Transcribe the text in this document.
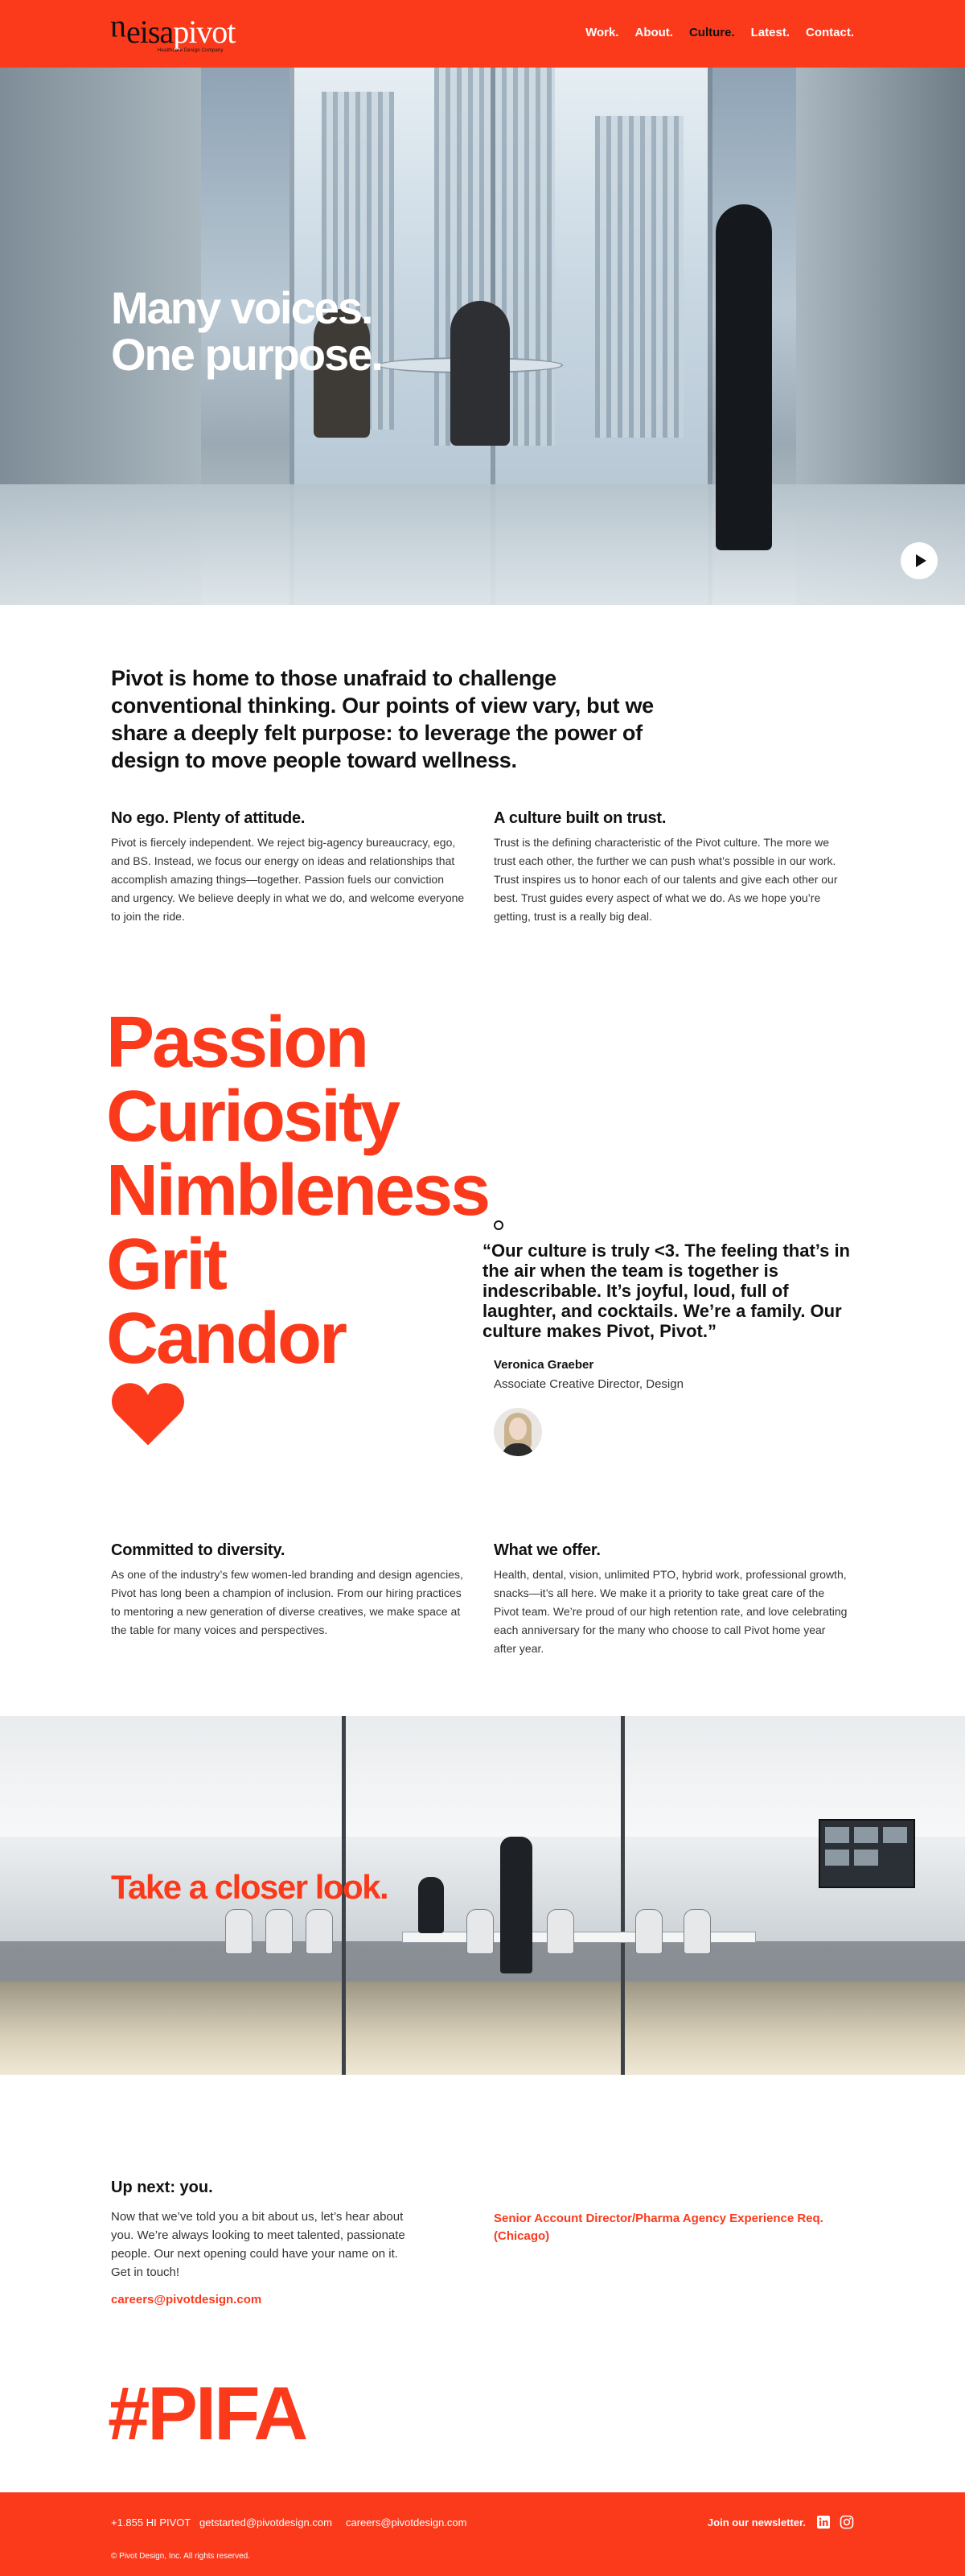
ueisapivot
Healthcare Design Company
Work. About. Culture. Latest. Contact.
Many voices.
One purpose.

Pivot is home to those unafraid to challenge conventional thinking. Our points of view vary, but we share a deeply felt purpose: to leverage the power of design to move people toward wellness.

No ego. Plenty of attitude.

Pivot is fiercely independent. We reject big-agency bureaucracy, ego, and BS. Instead, we focus our energy on ideas and relationships that accomplish amazing things—together. Passion fuels our conviction and urgency. We believe deeply in what we do, and welcome everyone to join the ride.

A culture built on trust.

Trust is the defining characteristic of the Pivot culture. The more we trust each other, the further we can push what’s possible in our work. Trust inspires us to honor each of our talents and give each other our best. Trust guides every aspect of what we do. As we hope you’re getting, trust is a really big deal.

Passion
Curiosity
Nimbleness
Grit
Candor
“Our culture is truly <3. The feeling that’s in the air when the team is together is indescribable. It’s joyful, loud, full of laughter, and cocktails. We’re a family. Our culture makes Pivot, Pivot.”
Veronica Graeber
Associate Creative Director, Design
Committed to diversity.

As one of the industry’s few women-led branding and design agencies, Pivot has long been a champion of inclusion. From our hiring practices to mentoring a new generation of diverse creatives, we make space at the table for many voices and perspectives.

What we offer.

Health, dental, vision, unlimited PTO, hybrid work, professional growth, snacks—it’s all here. We make it a priority to take great care of the Pivot team. We’re proud of our high retention rate, and love celebrating each anniversary for the many who choose to call Pivot home year after year.

Take a closer look.
Up next: you.

Now that we’ve told you a bit about us, let’s hear about you. We’re always looking to meet talented, passionate people. Our next opening could have your name on it. Get in touch!

careers@pivotdesign.com
Senior Account Director/Pharma Agency Experience Req. (Chicago)
#PIFA
+1.855 HI PIVOT getstarted@pivotdesign.com careers@pivotdesign.com	Join our newsletter.
© Pivot Design, Inc. All rights reserved.
